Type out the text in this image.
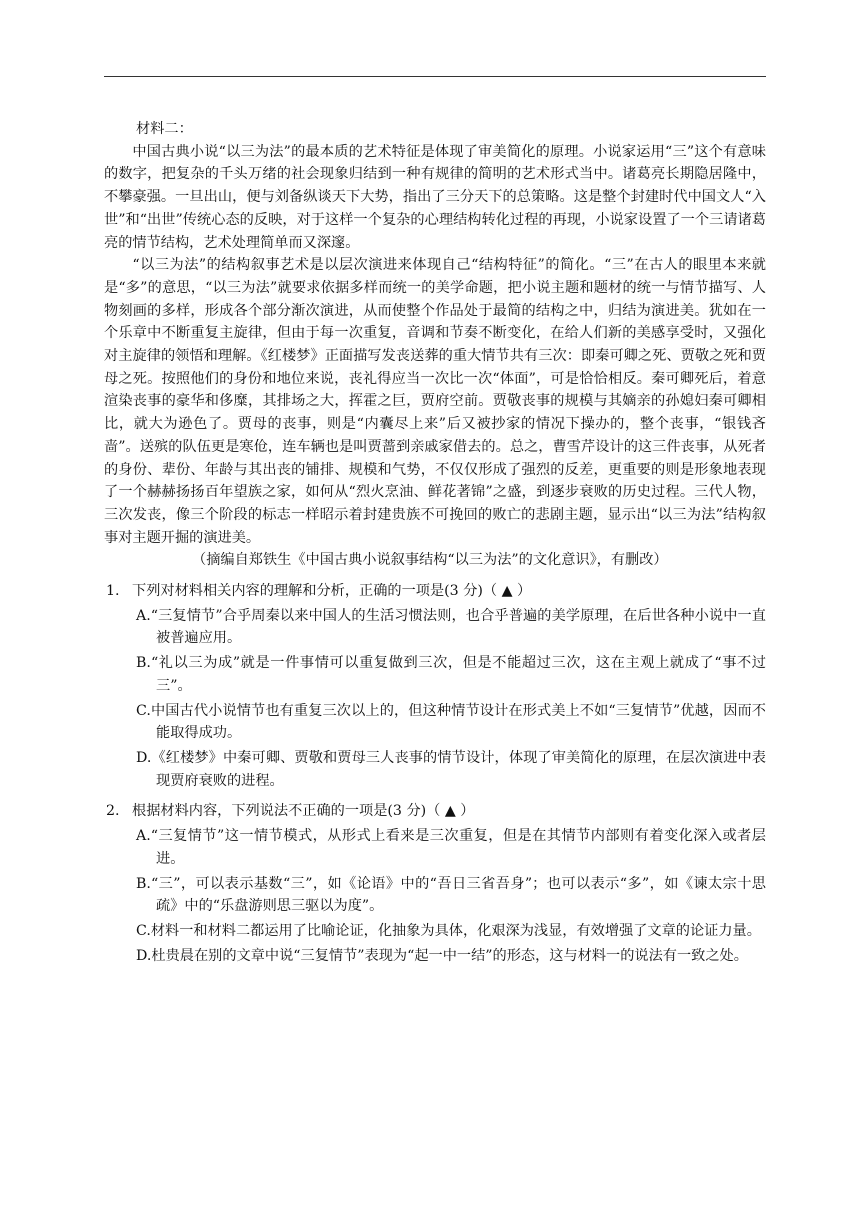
材料二：
中国古典小说“以三为法”的最本质的艺术特征是体现了审美简化的原理。小说家运用“三”这个有意味的数字，把复杂的千头万绪的社会现象归结到一种有规律的简明的艺术形式当中。诸葛亮长期隐居隆中，不攀豪强。一旦出山，便与刘备纵谈天下大势，指出了三分天下的总策略。这是整个封建时代中国文人“入世”和“出世”传统心态的反映，对于这样一个复杂的心理结构转化过程的再现，小说家设置了一个三请诸葛亮的情节结构，艺术处理简单而又深邃。
“以三为法”的结构叙事艺术是以层次演进来体现自己“结构特征”的简化。“三”在古人的眼里本来就是“多”的意思，“以三为法”就要求依据多样而统一的美学命题，把小说主题和题材的统一与情节描写、人物刻画的多样，形成各个部分渐次演进，从而使整个作品处于最简的结构之中，归结为演进美。犹如在一个乐章中不断重复主旋律，但由于每一次重复，音调和节奏不断变化，在给人们新的美感享受时，又强化对主旋律的领悟和理解。《红楼梦》正面描写发丧送葬的重大情节共有三次：即秦可卿之死、贾敬之死和贾母之死。按照他们的身份和地位来说，丧礼得应当一次比一次“体面”，可是恰恰相反。秦可卿死后，着意渲染丧事的豪华和侈糜，其排场之大，挥霍之巨，贾府空前。贾敬丧事的规模与其嫡亲的孙媳妇秦可卿相比，就大为逊色了。贾母的丧事，则是“内囊尽上来”后又被抄家的情况下操办的，整个丧事，“银钱吝啬”。送殡的队伍更是寒伧，连车辆也是叫贾蔷到亲戚家借去的。总之，曹雪芹设计的这三件丧事，从死者的身份、辈份、年龄与其出丧的铺排、规模和气势，不仅仅形成了强烈的反差，更重要的则是形象地表现了一个赫赫扬扬百年望族之家，如何从“烈火烹油、鲜花著锦”之盛，到逐步衰败的历史过程。三代人物，三次发丧，像三个阶段的标志一样昭示着封建贵族不可挽回的败亡的悲剧主题，显示出“以三为法”结构叙事对主题开掘的演进美。
（摘编自郑铁生《中国古典小说叙事结构“以三为法”的文化意识》，有删改）
1. 下列对材料相关内容的理解和分析，正确的一项是(3 分)（ ▲ ）
A.“三复情节”合乎周秦以来中国人的生活习惯法则，也合乎普遍的美学原理，在后世各种小说中一直被普遍应用。
B.“礼以三为成”就是一件事情可以重复做到三次，但是不能超过三次，这在主观上就成了“事不过三”。
C.中国古代小说情节也有重复三次以上的，但这种情节设计在形式美上不如“三复情节”优越，因而不能取得成功。
D.《红楼梦》中秦可卿、贾敬和贾母三人丧事的情节设计，体现了审美简化的原理，在层次演进中表现贾府衰败的进程。
2. 根据材料内容，下列说法不正确的一项是(3 分)（ ▲ ）
A.“三复情节”这一情节模式，从形式上看来是三次重复，但是在其情节内部则有着变化深入或者层进。
B.“三”，可以表示基数“三”，如《论语》中的“吾日三省吾身”；也可以表示“多”，如《谏太宗十思疏》中的“乐盘游则思三驱以为度”。
C.材料一和材料二都运用了比喻论证，化抽象为具体，化艰深为浅显，有效增强了文章的论证力量。
D.杜贵晨在别的文章中说“三复情节”表现为“起一中一结”的形态，这与材料一的说法有一致之处。
